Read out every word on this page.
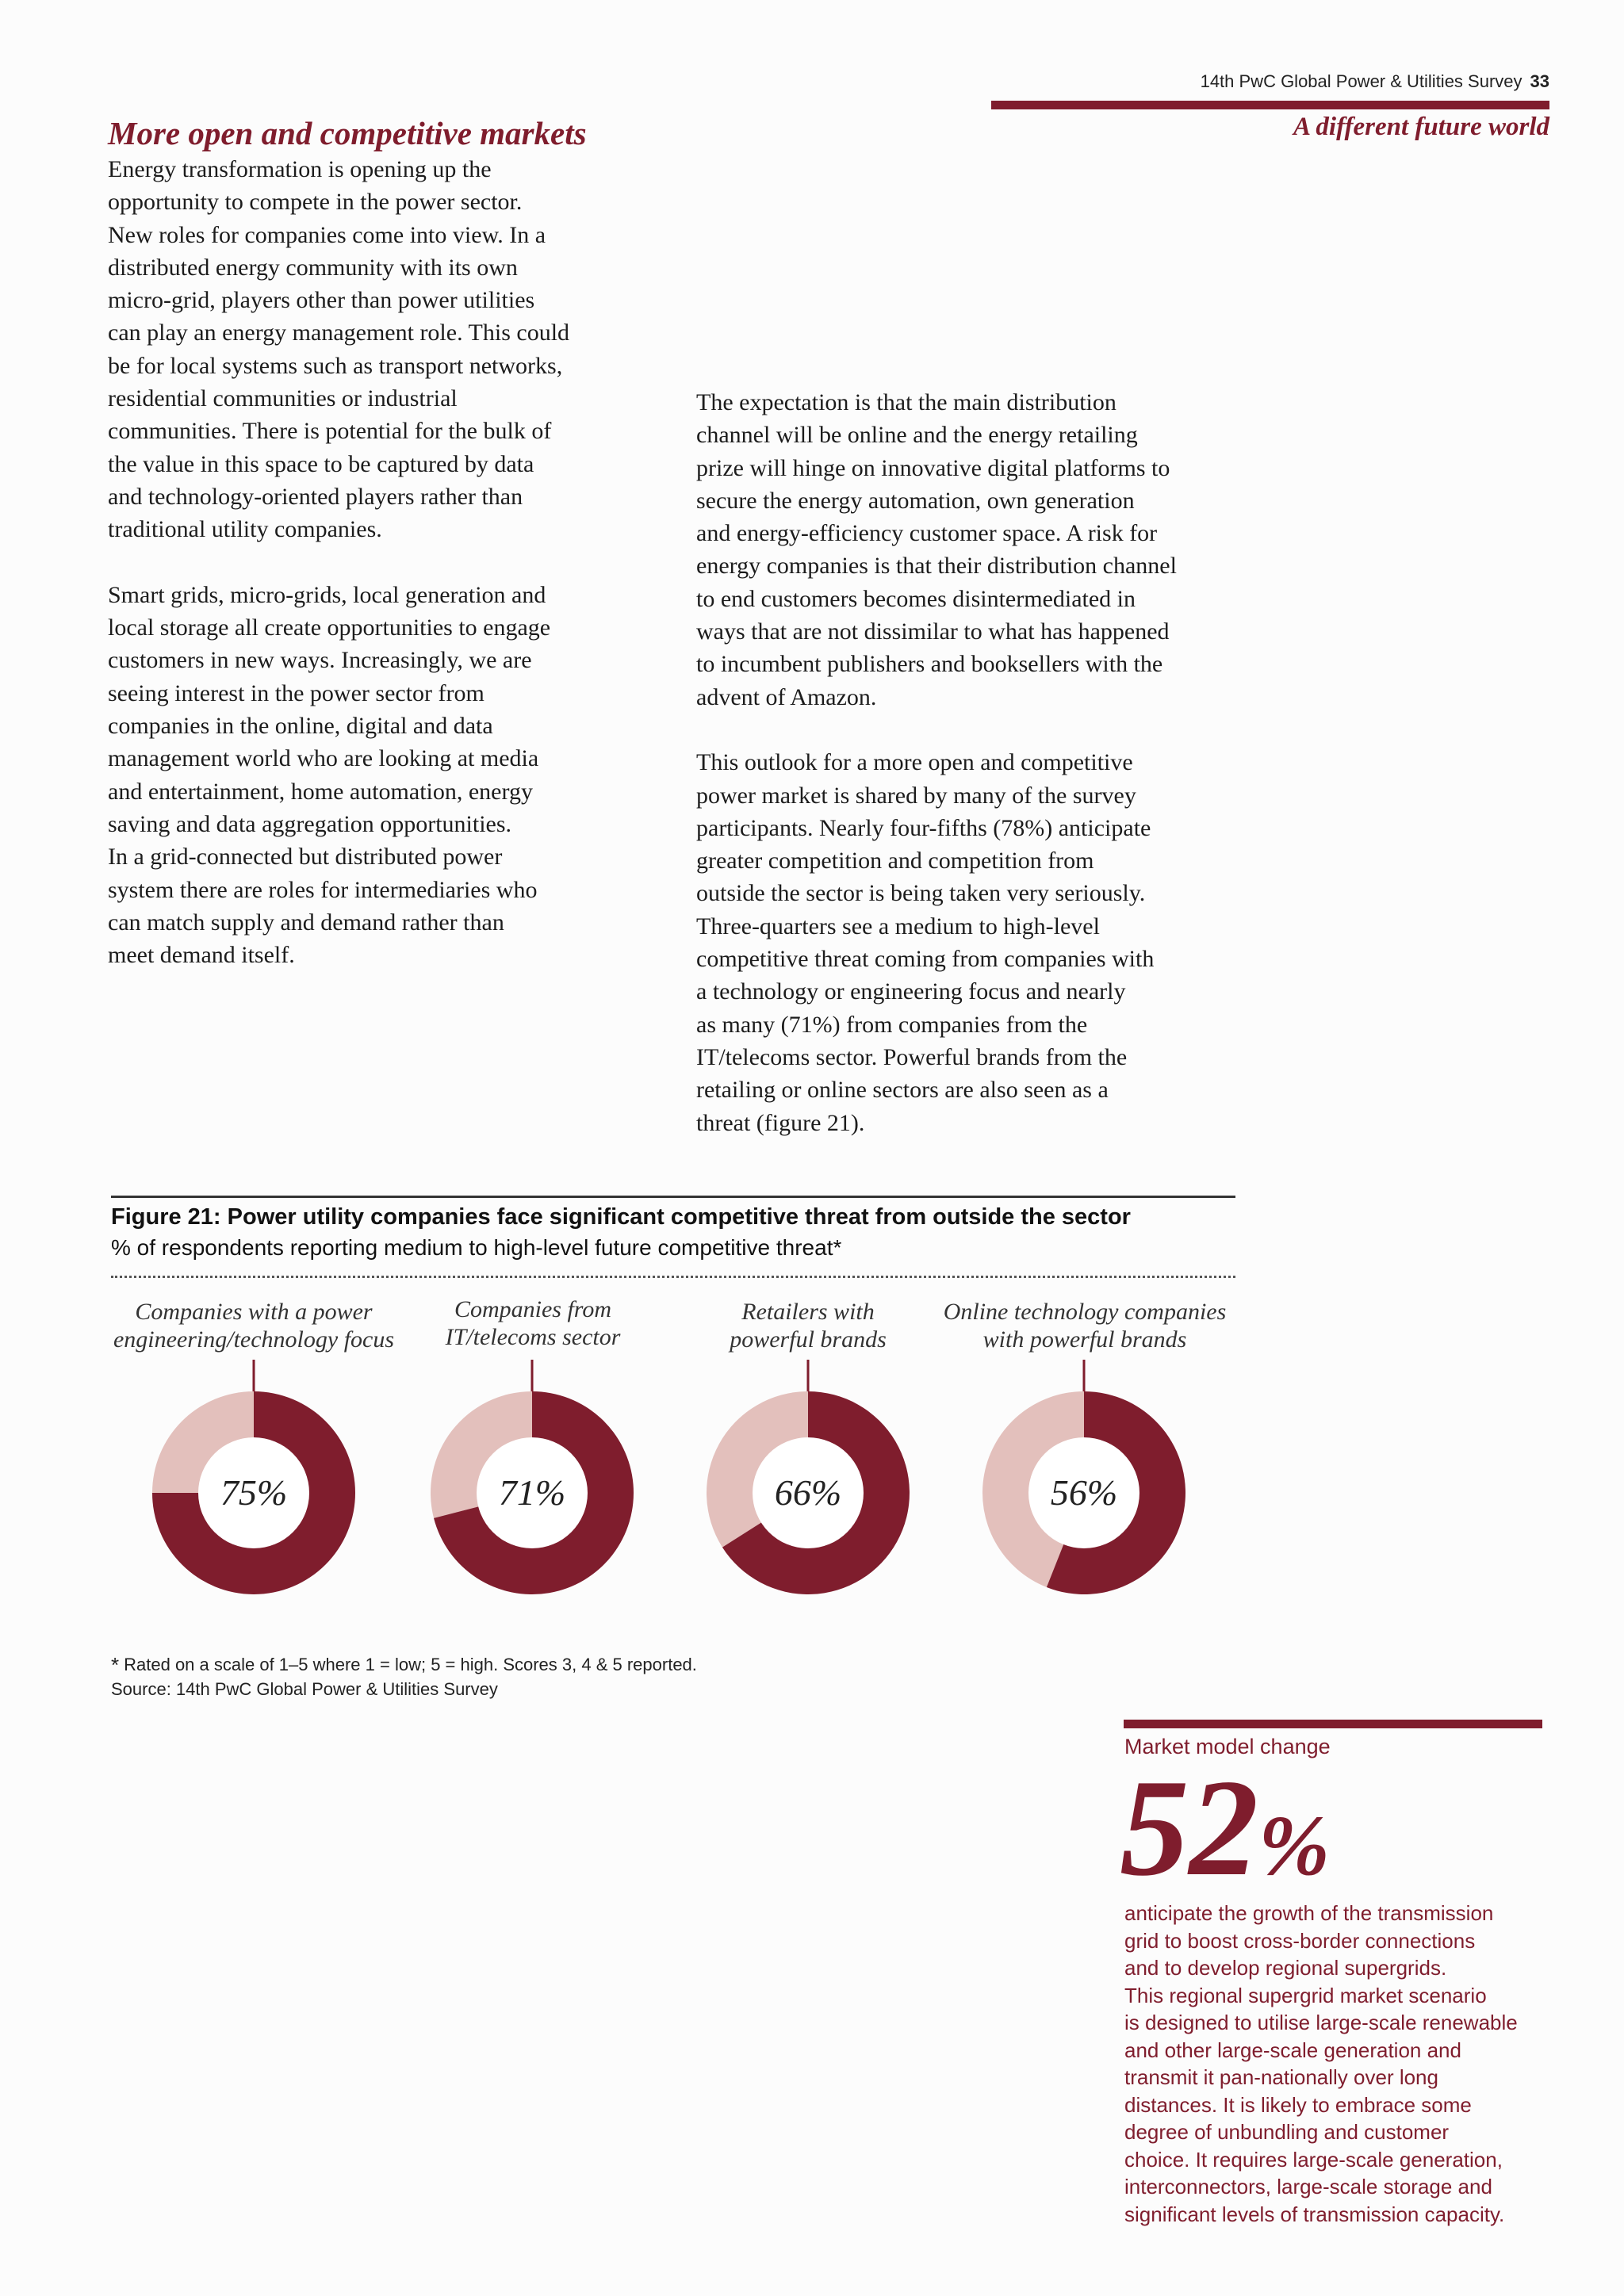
14th PwC Global Power & Utilities Survey 33
A different future world
More open and competitive markets

Energy transformation is opening up the
opportunity to compete in the power sector.
New roles for companies come into view. In a
distributed energy community with its own
micro-grid, players other than power utilities
can play an energy management role. This could
be for local systems such as transport networks,
residential communities or industrial
communities. There is potential for the bulk of
the value in this space to be captured by data
and technology-oriented players rather than
traditional utility companies.

Smart grids, micro-grids, local generation and
local storage all create opportunities to engage
customers in new ways. Increasingly, we are
seeing interest in the power sector from
companies in the online, digital and data
management world who are looking at media
and entertainment, home automation, energy
saving and data aggregation opportunities.
In a grid-connected but distributed power
system there are roles for intermediaries who
can match supply and demand rather than
meet demand itself.

The expectation is that the main distribution
channel will be online and the energy retailing
prize will hinge on innovative digital platforms to
secure the energy automation, own generation
and energy-efficiency customer space. A risk for
energy companies is that their distribution channel
to end customers becomes disintermediated in
ways that are not dissimilar to what has happened
to incumbent publishers and booksellers with the
advent of Amazon.

This outlook for a more open and competitive
power market is shared by many of the survey
participants. Nearly four-fifths (78%) anticipate
greater competition and competition from
outside the sector is being taken very seriously.
Three-quarters see a medium to high-level
competitive threat coming from companies with
a technology or engineering focus and nearly
as many (71%) from companies from the
IT/telecoms sector. Powerful brands from the
retailing or online sectors are also seen as a
threat (figure 21).

Figure 21: Power utility companies face significant competitive threat from outside the sector
% of respondents reporting medium to high-level future competitive threat*
Companies with a power
engineering/technology focus
Companies from
IT/telecoms sector
Retailers with
powerful brands
Online technology companies
with powerful brands
75%	71%	66%	56%
* Rated on a scale of 1–5 where 1 = low; 5 = high. Scores 3, 4 & 5 reported.
Source: 14th PwC Global Power & Utilities Survey
Market model change
52%
anticipate the growth of the transmission
grid to boost cross-border connections
and to develop regional supergrids.
This regional supergrid market scenario
is designed to utilise large-scale renewable
and other large-scale generation and
transmit it pan-nationally over long
distances. It is likely to embrace some
degree of unbundling and customer
choice. It requires large-scale generation,
interconnectors, large-scale storage and
significant levels of transmission capacity.
